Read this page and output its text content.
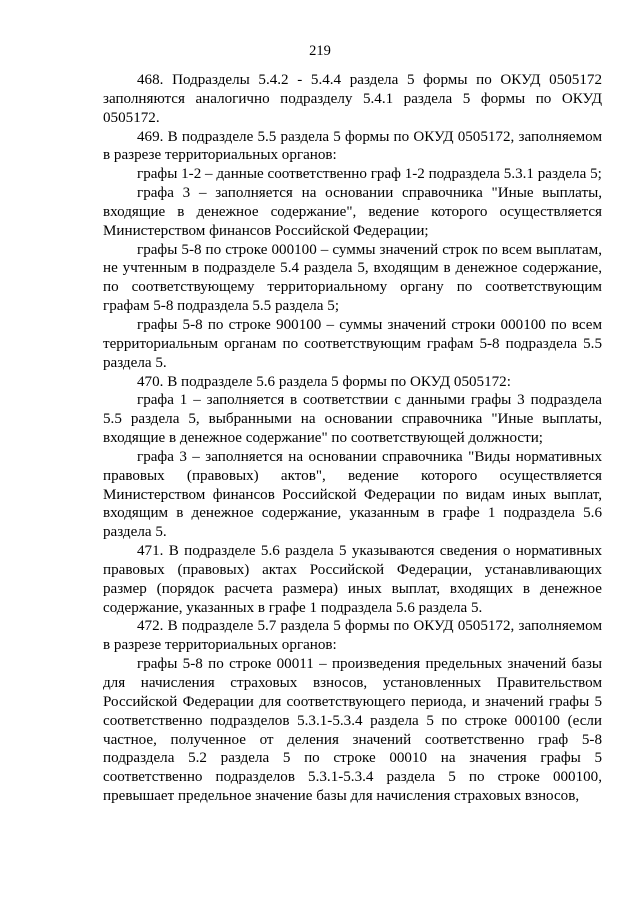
219

468. Подразделы 5.4.2 - 5.4.4 раздела 5 формы по ОКУД 0505172 заполняются аналогично подразделу 5.4.1 раздела 5 формы по ОКУД 0505172.

469. В подразделе 5.5 раздела 5 формы по ОКУД 0505172, заполняемом в разрезе территориальных органов:

графы 1-2 – данные соответственно граф 1-2 подраздела 5.3.1 раздела 5;

графа 3 – заполняется на основании справочника "Иные выплаты, входящие в денежное содержание", ведение которого осуществляется Министерством финансов Российской Федерации;

графы 5-8 по строке 000100 – суммы значений строк по всем выплатам, не учтенным в подразделе 5.4 раздела 5, входящим в денежное содержание, по соответствующему территориальному органу по соответствующим графам 5-8 подраздела 5.5 раздела 5;

графы 5-8 по строке 900100 – суммы значений строки 000100 по всем территориальным органам по соответствующим графам 5-8 подраздела 5.5 раздела 5.

470. В подразделе 5.6 раздела 5 формы по ОКУД 0505172:

графа 1 – заполняется в соответствии с данными графы 3 подраздела 5.5 раздела 5, выбранными на основании справочника "Иные выплаты, входящие в денежное содержание" по соответствующей должности;

графа 3 – заполняется на основании справочника "Виды нормативных правовых (правовых) актов", ведение которого осуществляется Министерством финансов Российской Федерации по видам иных выплат, входящим в денежное содержание, указанным в графе 1 подраздела 5.6 раздела 5.

471. В подразделе 5.6 раздела 5 указываются сведения о нормативных правовых (правовых) актах Российской Федерации, устанавливающих размер (порядок расчета размера) иных выплат, входящих в денежное содержание, указанных в графе 1 подраздела 5.6 раздела 5.

472. В подразделе 5.7 раздела 5 формы по ОКУД 0505172, заполняемом в разрезе территориальных органов:

графы 5-8 по строке 00011 – произведения предельных значений базы для начисления страховых взносов, установленных Правительством Российской Федерации для соответствующего периода, и значений графы 5 соответственно подразделов 5.3.1-5.3.4 раздела 5 по строке 000100 (если частное, полученное от деления значений соответственно граф 5-8 подраздела 5.2 раздела 5 по строке 00010 на значения графы 5 соответственно подразделов 5.3.1-5.3.4 раздела 5 по строке 000100, превышает предельное значение базы для начисления страховых взносов,
